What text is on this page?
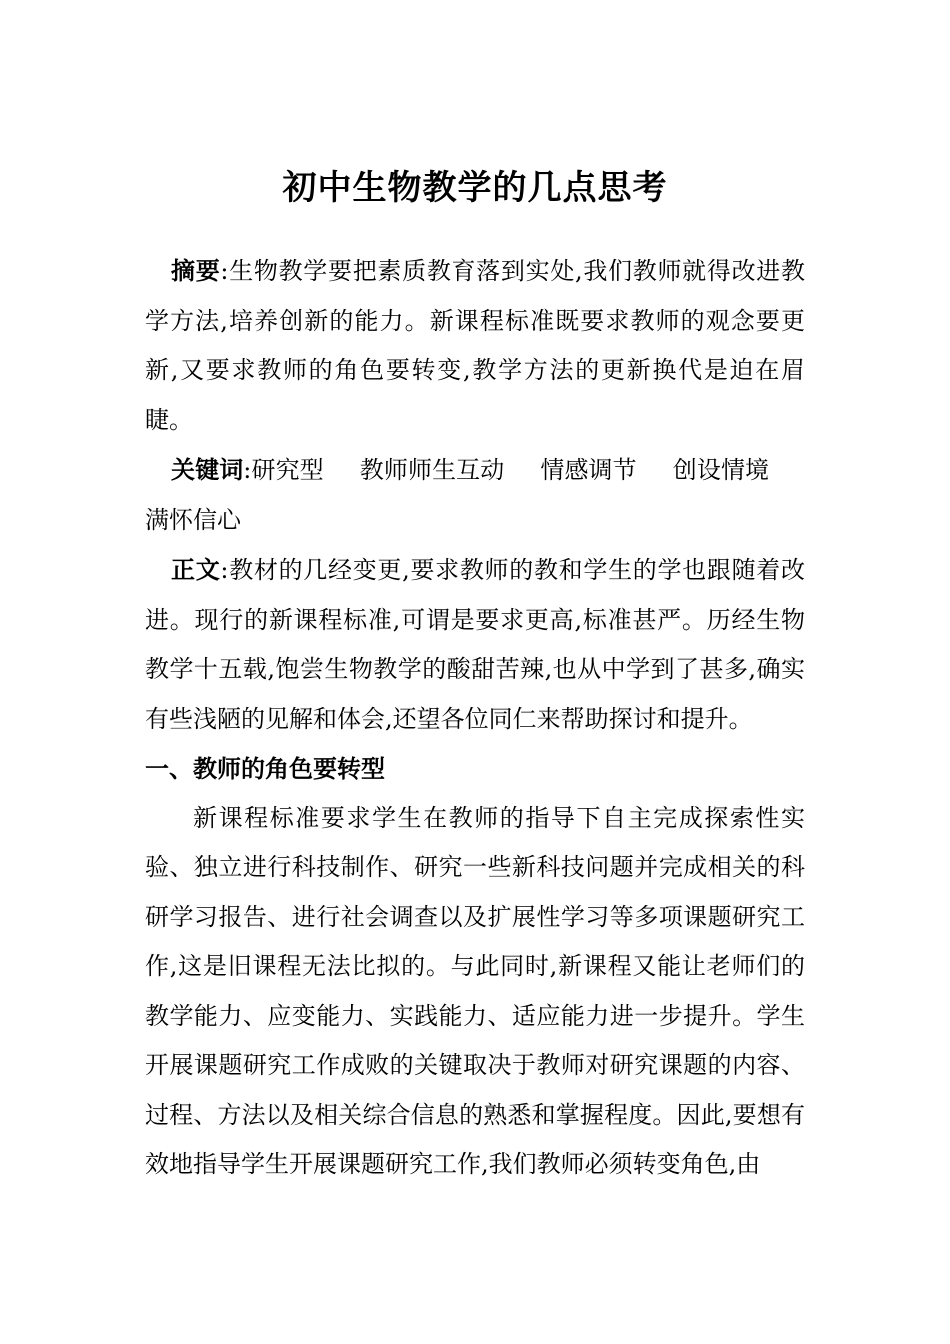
初中生物教学的几点思考

摘要:生物教学要把素质教育落到实处,我们教师就得改进教学方法,培养创新的能力。新课程标准既要求教师的观念要更新,又要求教师的角色要转变,教学方法的更新换代是迫在眉睫。

关键词:研究型 教师师生互动 情感调节 创设情境满怀信心

正文:教材的几经变更,要求教师的教和学生的学也跟随着改进。现行的新课程标准,可谓是要求更高,标准甚严。历经生物教学十五载,饱尝生物教学的酸甜苦辣,也从中学到了甚多,确实有些浅陋的见解和体会,还望各位同仁来帮助探讨和提升。

一、教师的角色要转型

新课程标准要求学生在教师的指导下自主完成探索性实验、独立进行科技制作、研究一些新科技问题并完成相关的科研学习报告、进行社会调查以及扩展性学习等多项课题研究工作,这是旧课程无法比拟的。与此同时,新课程又能让老师们的教学能力、应变能力、实践能力、适应能力进一步提升。学生开展课题研究工作成败的关键取决于教师对研究课题的内容、过程、方法以及相关综合信息的熟悉和掌握程度。因此,要想有效地指导学生开展课题研究工作,我们教师必须转变角色,由
